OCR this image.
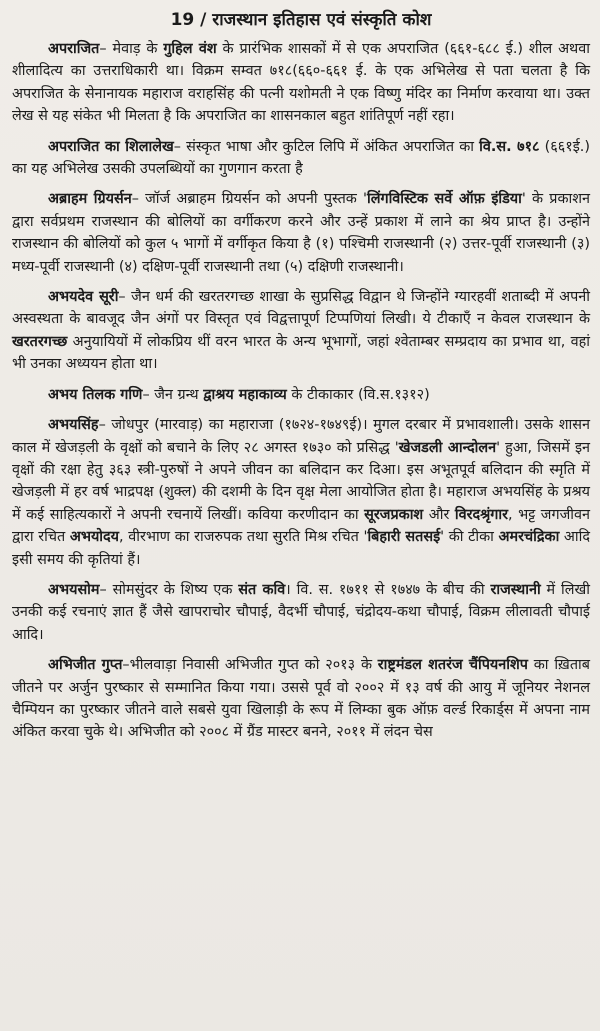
19 / राजस्थान इतिहास एवं संस्कृति कोश

अपराजित– मेवाड़ के गुहिल वंश के प्रारंभिक शासकों में से एक अपराजित (६६१-६८८ ई.) शील अथवा शीलादित्य का उत्तराधिकारी था। विक्रम सम्वत ७१८(६६०-६६१ ई. के एक अभिलेख से पता चलता है कि अपराजित के सेनानायक महाराज वराहसिंह की पत्नी यशोमती ने एक विष्णु मंदिर का निर्माण करवाया था। उक्त लेख से यह संकेत भी मिलता है कि अपराजित का शासनकाल बहुत शांतिपूर्ण नहीं रहा।

अपराजित का शिलालेख– संस्कृत भाषा और कुटिल लिपि में अंकित अपराजित का वि.स. ७१८ (६६१ई.) का यह अभिलेख उसकी उपलब्धियों का गुणगान करता है

अब्राहम ग्रियर्सन– जॉर्ज अब्राहम ग्रियर्सन को अपनी पुस्तक 'लिंगविस्टिक सर्वे ऑफ़ इंडिया' के प्रकाशन द्वारा सर्वप्रथम राजस्थान की बोलियों का वर्गीकरण करने और उन्हें प्रकाश में लाने का श्रेय प्राप्त है। उन्होंने राजस्थान की बोलियों को कुल ५ भागों में वर्गीकृत किया है (१) पश्चिमी राजस्थानी (२) उत्तर-पूर्वी राजस्थानी (३) मध्य-पूर्वी राजस्थानी (४) दक्षिण-पूर्वी राजस्थानी तथा (५) दक्षिणी राजस्थानी।

अभयदेव सूरी– जैन धर्म की खरतरगच्छ शाखा के सुप्रसिद्ध विद्वान थे जिन्होंने ग्यारहवीं शताब्दी में अपनी अस्वस्थता के बावजूद जैन अंगों पर विस्तृत एवं विद्वत्तापूर्ण टिप्पणियां लिखी। ये टीकाएँ न केवल राजस्थान के खरतरगच्छ अनुयायियों में लोकप्रिय थीं वरन भारत के अन्य भूभागों, जहां श्वेताम्बर सम्प्रदाय का प्रभाव था, वहां भी उनका अध्ययन होता था।

अभय तिलक गणि– जैन ग्रन्थ द्वाश्रय महाकाव्य के टीकाकार (वि.स.१३१२)

अभयसिंह– जोधपुर (मारवाड़) का महाराजा (१७२४-१७४९ई)। मुगल दरबार में प्रभावशाली। उसके शासन काल में खेजड़ली के वृक्षों को बचाने के लिए २८ अगस्त १७३० को प्रसिद्ध 'खेजडली आन्दोलन' हुआ, जिसमें इन वृक्षों की रक्षा हेतु ३६३ स्त्री-पुरुषों ने अपने जीवन का बलिदान कर दिआ। इस अभूतपूर्व बलिदान की स्मृति में खेजड़ली में हर वर्ष भाद्रपक्ष (शुक्ल) की दशमी के दिन वृक्ष मेला आयोजित होता है। महाराज अभयसिंह के प्रश्रय में कई साहित्यकारों ने अपनी रचनायें लिखीं। कविया करणीदान का सूरजप्रकाश और विरदश्रृंगार, भट्ट जगजीवन द्वारा रचित अभयोदय, वीरभाण का राजरुपक तथा सुरति मिश्र रचित 'बिहारी सतसई' की टीका अमरचंद्रिका आदि इसी समय की कृतियां हैं।

अभयसोम– सोमसुंदर के शिष्य एक संत कवि। वि. स. १७११ से १७४७ के बीच की राजस्थानी में लिखी उनकी कई रचनाएं ज्ञात हैं जैसे खापराचोर चौपाई, वैदर्भी चौपाई, चंद्रोदय-कथा चौपाई, विक्रम लीलावती चौपाई आदि।

अभिजीत गुप्त–भीलवाड़ा निवासी अभिजीत गुप्त को २०१३ के राष्ट्रमंडल शतरंज चैंपियनशिप का ख़िताब जीतने पर अर्जुन पुरष्कार से सम्मानित किया गया। उससे पूर्व वो २००२ में १३ वर्ष की आयु में जूनियर नेशनल चैम्पियन का पुरष्कार जीतने वाले सबसे युवा खिलाड़ी के रूप में लिम्का बुक ऑफ़ वर्ल्ड रिकार्ड्स में अपना नाम अंकित करवा चुके थे। अभिजीत को २००८ में ग्रैंड मास्टर बनने, २०११ में लंदन चेस
